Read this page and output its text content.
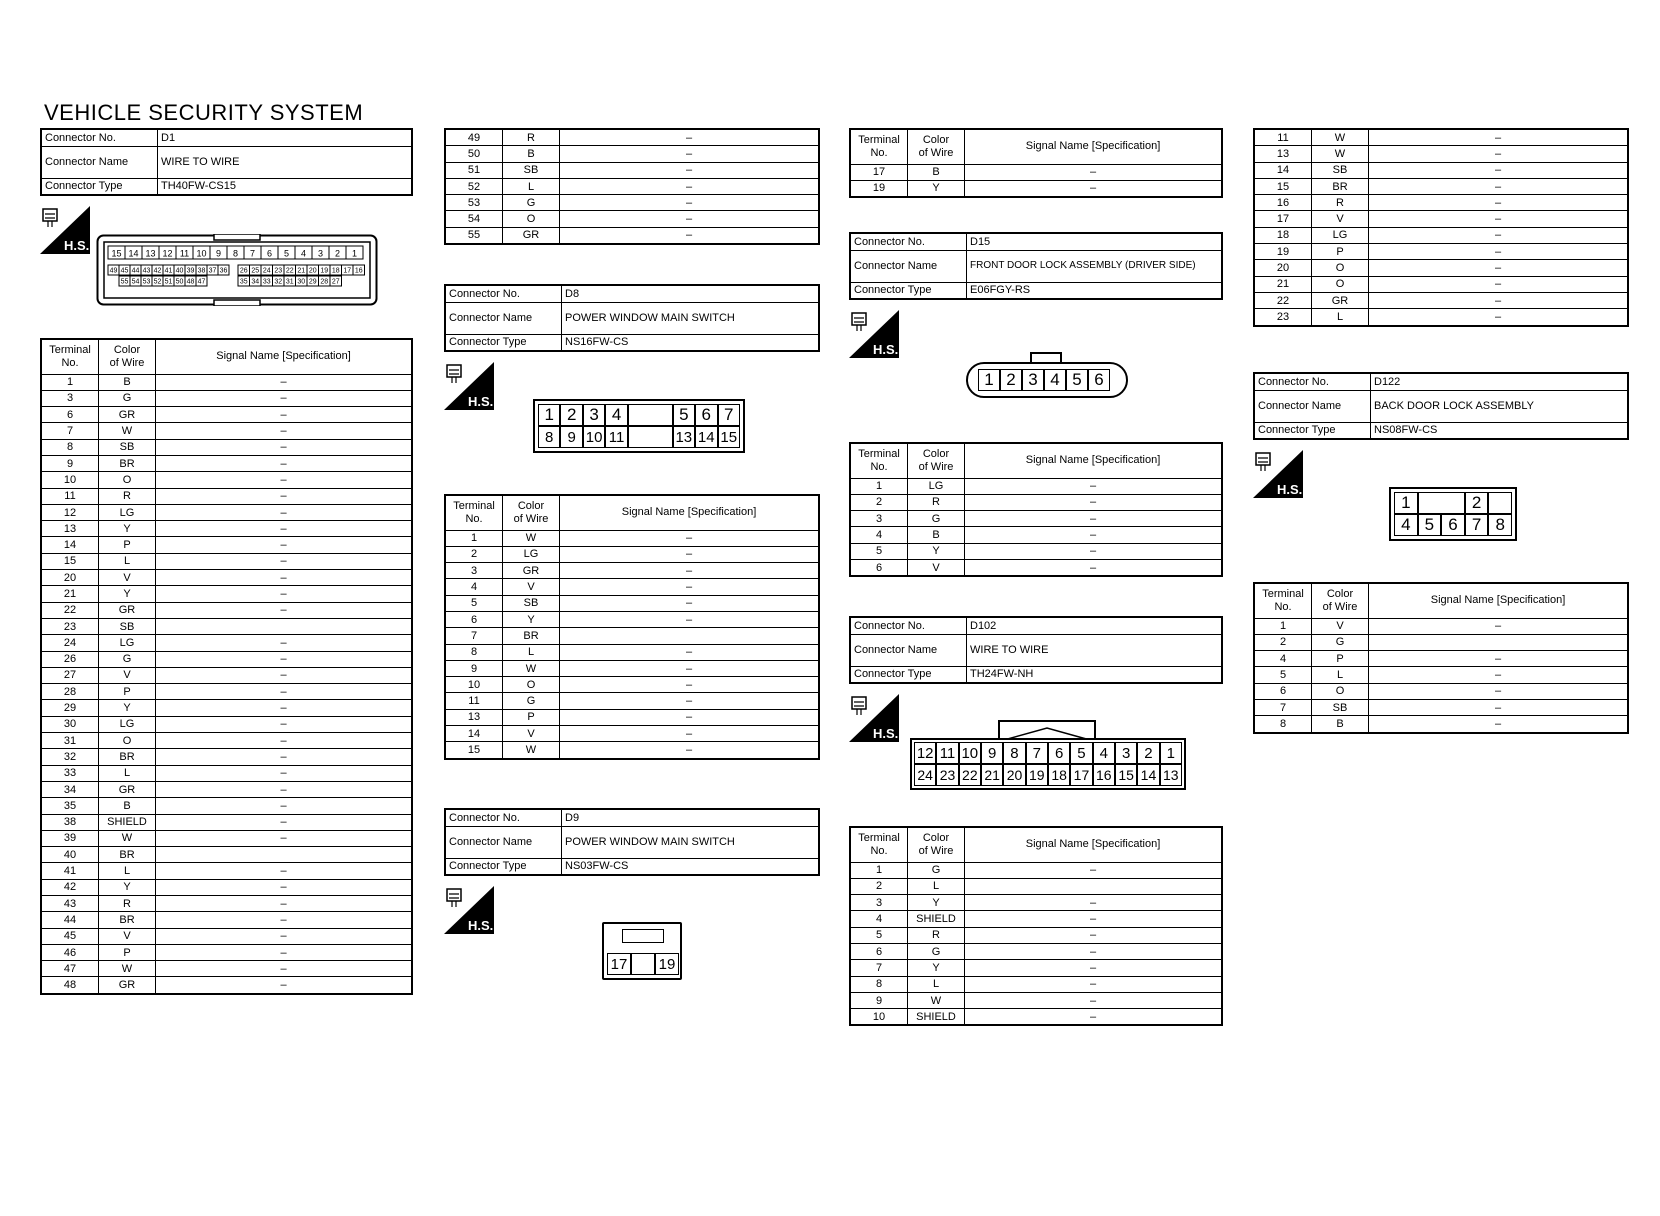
VEHICLE SECURITY SYSTEM
Connector No.	D1
Connector Name	WIRE TO WIRE
Connector Type	TH40FW-CS15
H.S.
15 14 13 12 11 10 9 8 7 6 5 4 3 2 1
49 45 44 43 42 41 40 39 38 37 36 26 25 24 23 22 21 20 19 18 17 16
55 54 53 52 51 50 48 47	35 34 33 32 31 30 29 28 27
Terminal
No.	Color
of Wire	Signal Name [Specification]
1	B	–
3	G	–
6	GR	–
7	W	–
8	SB	–
9	BR	–
10	O	–
11	R	–
12	LG	–
13	Y	–
14	P	–
15	L	–
20	V	–
21	Y	–
22	GR	–
23	SB	
24	LG	–
26	G	–
27	V	–
28	P	–
29	Y	–
30	LG	–
31	O	–
32	BR	–
33	L	–
34	GR	–
35	B	–
38	SHIELD	–
39	W	–
40	BR	
41	L	–
42	Y	–
43	R	–
44	BR	–
45	V	–
46	P	–
47	W	–
48	GR	–
49	R	–
50	B	–
51	SB	–
52	L	–
53	G	–
54	O	–
55	GR	–
Connector No.	D8
Connector Name	POWER WINDOW MAIN SWITCH
Connector Type	NS16FW-CS
H.S.
1 2 3 4	5 6 7
8 9 10 11	13 14 15
Terminal
No.	Color
of Wire	Signal Name [Specification]
1	W	–
2	LG	–
3	GR	–
4	V	–
5	SB	–
6	Y	–
7	BR	
8	L	–
9	W	–
10	O	–
11	G	–
13	P	–
14	V	–
15	W	–
Connector No.	D9
Connector Name	POWER WINDOW MAIN SWITCH
Connector Type	NS03FW-CS
H.S.
17 19
Terminal
No.	Color
of Wire	Signal Name [Specification]
17	B	–
19	Y	–
Connector No.	D15
Connector Name	FRONT DOOR LOCK ASSEMBLY (DRIVER SIDE)
Connector Type	E06FGY-RS
H.S.
1 2 3 4 5 6
Terminal
No.	Color
of Wire	Signal Name [Specification]
1	LG	–
2	R	–
3	G	–
4	B	–
5	Y	–
6	V	–
Connector No.	D102
Connector Name	WIRE TO WIRE
Connector Type	TH24FW-NH
H.S.
12 11 10 9 8 7 6 5 4 3 2 1
24 23 22 21 20 19 18 17 16 15 14 13
Terminal
No.	Color
of Wire	Signal Name [Specification]
1	G	–
2	L	
3	Y	–
4	SHIELD	–
5	R	–
6	G	–
7	Y	–
8	L	–
9	W	–
10	SHIELD	–
11	W	–
13	W	–
14	SB	–
15	BR	–
16	R	–
17	V	–
18	LG	–
19	P	–
20	O	–
21	O	–
22	GR	–
23	L	–
Connector No.	D122
Connector Name	BACK DOOR LOCK ASSEMBLY
Connector Type	NS08FW-CS
H.S.
1	2
4 5 6 7 8
Terminal
No.	Color
of Wire	Signal Name [Specification]
1	V	–
2	G	
4	P	–
5	L	–
6	O	–
7	SB	–
8	B	–
